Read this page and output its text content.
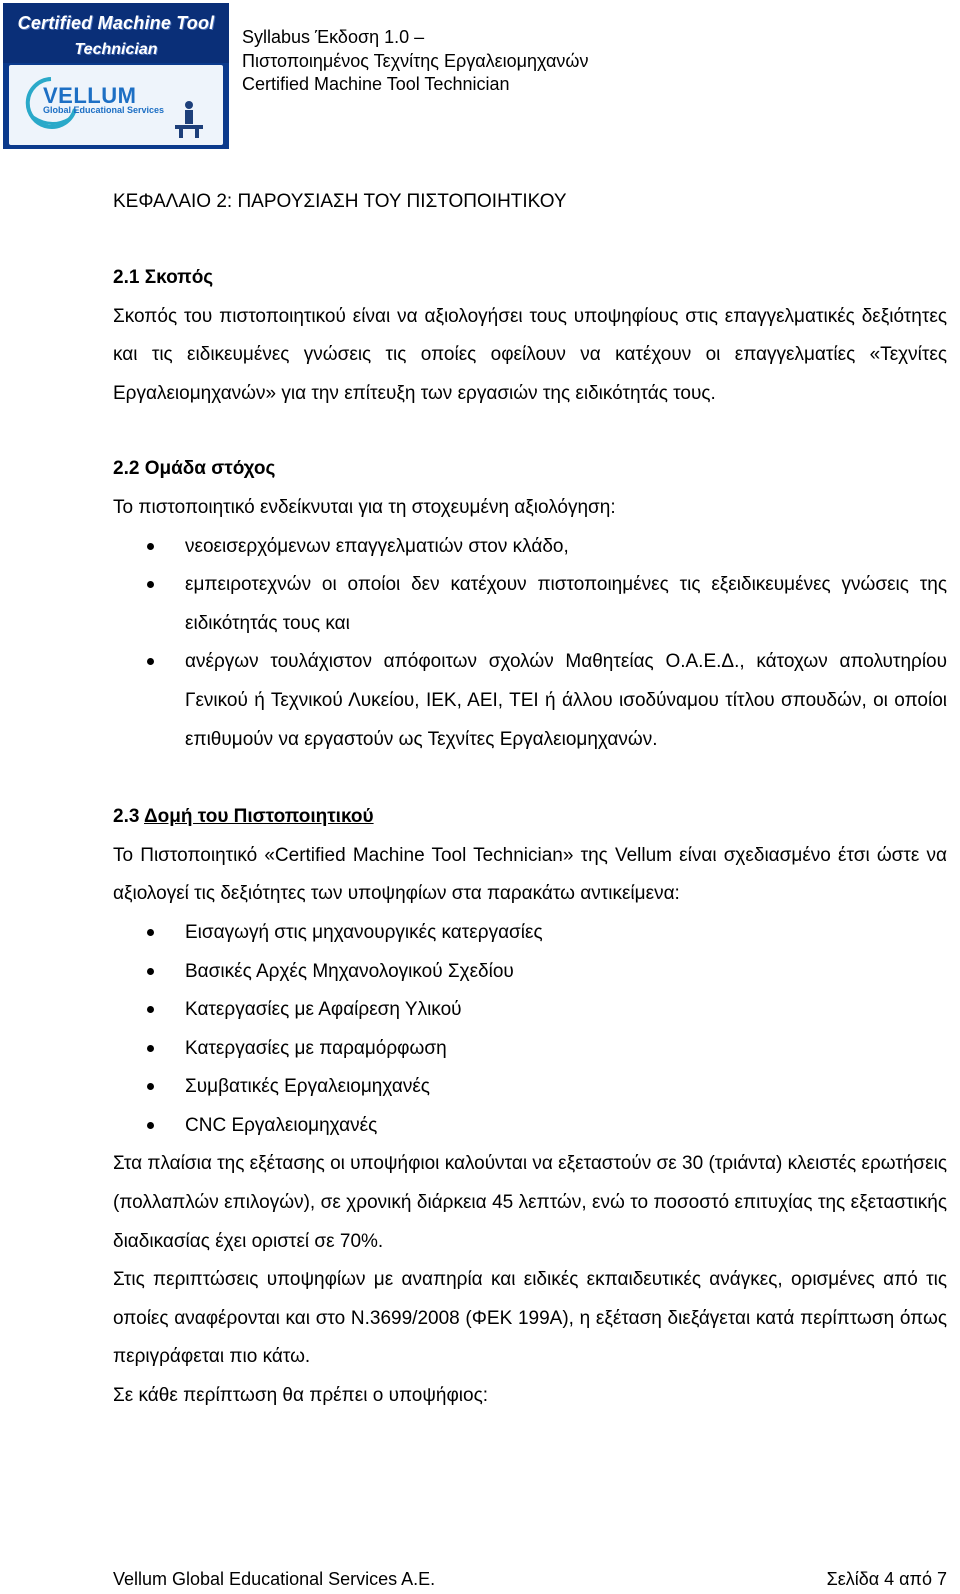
Certified Machine Tool
Technician
VELLUM
Global Educational Services
Syllabus Έκδοση 1.0 –
Πιστοποιημένος Τεχνίτης Εργαλειομηχανών
Certified Machine Tool Technician
ΚΕΦΑΛΑΙΟ 2: ΠΑΡΟΥΣΙΑΣΗ ΤΟΥ ΠΙΣΤΟΠΟΙΗΤΙΚΟΥ
2.1 Σκοπός

Σκοπός του πιστοποιητικού είναι να αξιολογήσει τους υποψηφίους στις επαγγελματικές δεξιότητες και τις ειδικευμένες γνώσεις τις οποίες οφείλουν να κατέχουν οι επαγγελματίες «Τεχνίτες Εργαλειομηχανών» για την επίτευξη των εργασιών της ειδικότητάς τους.

2.2 Ομάδα στόχος

Το πιστοποιητικό ενδείκνυται για τη στοχευμένη αξιολόγηση:

νεοεισερχόμενων επαγγελματιών στον κλάδο,
εμπειροτεχνών οι οποίοι δεν κατέχουν πιστοποιημένες τις εξειδικευμένες γνώσεις της ειδικότητάς τους και
ανέργων τουλάχιστον απόφοιτων σχολών Μαθητείας Ο.Α.Ε.Δ., κάτοχων απολυτηρίου Γενικού ή Τεχνικού Λυκείου, ΙΕΚ, ΑΕΙ, ΤΕΙ ή άλλου ισοδύναμου τίτλου σπουδών, οι οποίοι επιθυμούν να εργαστούν ως Τεχνίτες Εργαλειομηχανών.
2.3 Δομή του Πιστοποιητικού

Το Πιστοποιητικό «Certified Machine Tool Technician» της Vellum είναι σχεδιασμένο έτσι ώστε να αξιολογεί τις δεξιότητες των υποψηφίων στα παρακάτω αντικείμενα:

Εισαγωγή στις μηχανουργικές κατεργασίες
Βασικές Αρχές Μηχανολογικού Σχεδίου
Κατεργασίες με Αφαίρεση Υλικού
Κατεργασίες με παραμόρφωση
Συμβατικές Εργαλειομηχανές
CNC Εργαλειομηχανές

Στα πλαίσια της εξέτασης οι υποψήφιοι καλούνται να εξεταστούν σε 30 (τριάντα) κλειστές ερωτήσεις (πολλαπλών επιλογών), σε χρονική διάρκεια 45 λεπτών, ενώ το ποσοστό επιτυχίας της εξεταστικής διαδικασίας έχει οριστεί σε 70%.

Στις περιπτώσεις υποψηφίων με αναπηρία και ειδικές εκπαιδευτικές ανάγκες, ορισμένες από τις οποίες αναφέρονται και στο Ν.3699/2008 (ΦΕΚ 199Α), η εξέταση διεξάγεται κατά περίπτωση όπως περιγράφεται πιο κάτω.

Σε κάθε περίπτωση θα πρέπει ο υποψήφιος:

Vellum Global Educational Services A.E.	Σελίδα 4 από 7
